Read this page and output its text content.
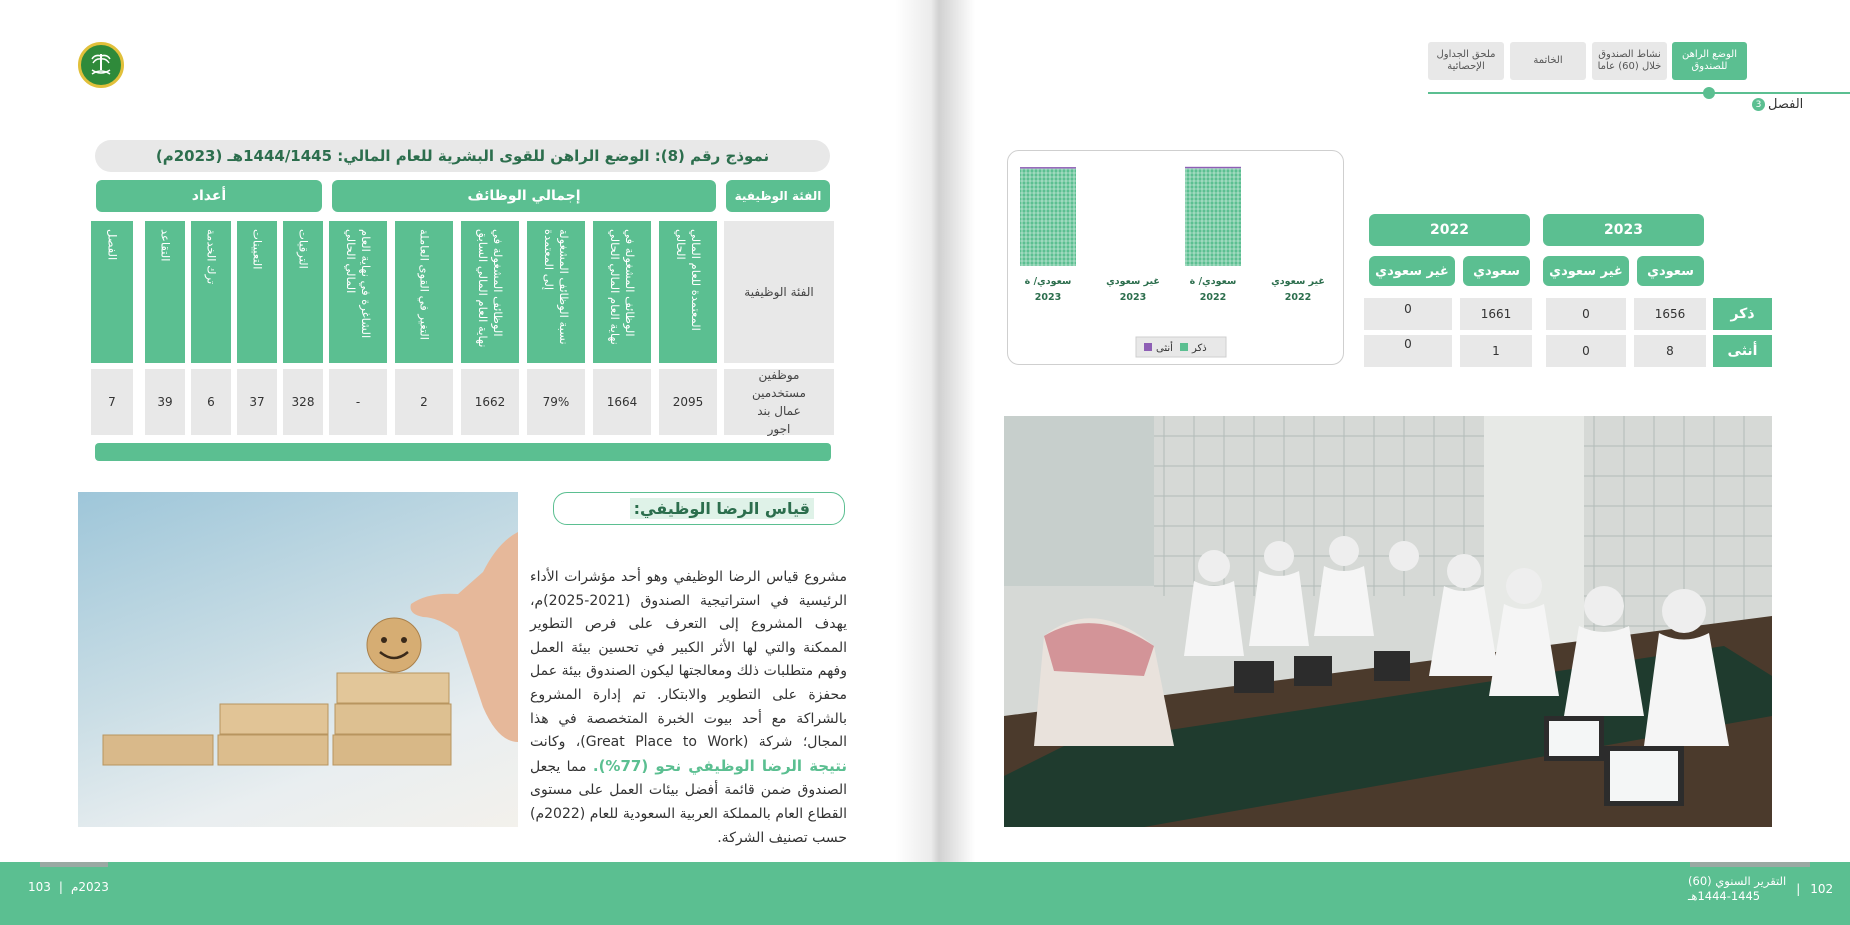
نموذج رقم (8): الوضع الراهن للقوى البشرية للعام المالي: 1444/1445هـ (2023م)
الفئة الوظيفية
إجمالي الوظائف
أعداد
الفئة الوظيفية
موظفين مستخدمين عمال بند اجور
المعتمدة للعام المالي الحالي
الوظائف المشغولة في نهاية العام المالي الحالي
نسبة الوظائف المشغولة إلى المعتمدة
الوظائف المشغولة في نهاية العام المالي السابق
التغير في القوى العاملة
الشاغرة في نهاية العام المالي الحالي
الترقيات
التعيينات
ترك الخدمة
التقاعد
الفصل
2095
1664
79%
1662
2
-
328
37
6
39
7
قياس الرضا الوظيفي:
مشروع قياس الرضا الوظيفي وهو أحد مؤشرات الأداء الرئيسية في استراتيجية الصندوق (2021-2025)م، يهدف المشروع إلى التعرف على فرص التطوير الممكنة والتي لها الأثر الكبير في تحسين بيئة العمل وفهم متطلبات ذلك ومعالجتها ليكون الصندوق بيئة عمل محفزة على التطوير والابتكار. تم إدارة المشروع بالشراكة مع أحد بيوت الخبرة المتخصصة في هذا المجال؛ شركة (Great Place to Work)، وكانت نتيجة الرضا الوظيفي نحو (77%). مما يجعل الصندوق ضمن قائمة أفضل بيئات العمل على مستوى القطاع العام بالمملكة العربية السعودية للعام (2022م) حسب تصنيف الشركة.
الوضع الراهن للصندوق
نشاط الصندوق خلال (60) عاما
الخاتمة
ملحق الجداول الإحصائية
الفصل
3
2023
2022
سعودي
غير سعودي
سعودي
غير سعودي
ذكر
أنثى
1656
0
1661
0
8
0
1
0
غير سعودي
2022
سعودي/ ة
2022
غير سعودي
2023
سعودي/ ة
2023
أنثى ذكر
103 | 2023م	التقرير السنوي (60)
1444-1445هـ	| 102
